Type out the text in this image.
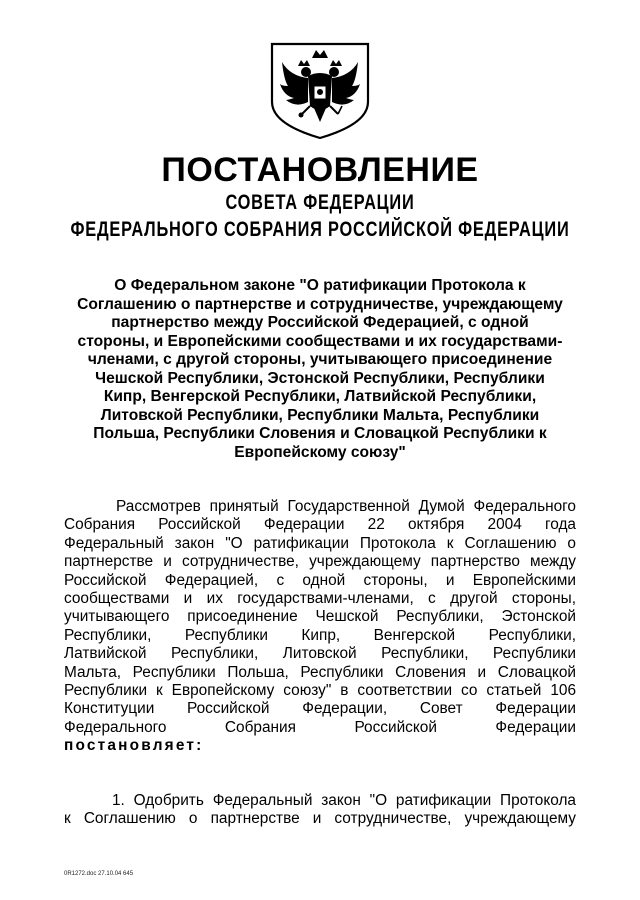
ПОСТАНОВЛЕНИЕ
СОВЕТА ФЕДЕРАЦИИ
ФЕДЕРАЛЬНОГО СОБРАНИЯ РОССИЙСКОЙ ФЕДЕРАЦИИ
О Федеральном законе "О ратификации Протокола к
Соглашению о партнерстве и сотрудничестве, учреждающему
партнерство между Российской Федерацией, с одной
стороны, и Европейскими сообществами и их государствами-
членами, с другой стороны, учитывающего присоединение
Чешской Республики, Эстонской Республики, Республики
Кипр, Венгерской Республики, Латвийской Республики,
Литовской Республики, Республики Мальта, Республики
Польша, Республики Словения и Словацкой Республики к
Европейскому союзу"
Рассмотрев принятый Государственной Думой Федерального
Собрания Российской Федерации 22 октября 2004 года
Федеральный закон "О ратификации Протокола к Соглашению о
партнерстве и сотрудничестве, учреждающему партнерство между
Российской Федерацией, с одной стороны, и Европейскими
сообществами и их государствами-членами, с другой стороны,
учитывающего присоединение Чешской Республики, Эстонской
Республики, Республики Кипр, Венгерской Республики,
Латвийской Республики, Литовской Республики, Республики
Мальта, Республики Польша, Республики Словения и Словацкой
Республики к Европейскому союзу" в соответствии со статьей 106
Конституции Российской Федерации, Совет Федерации
Федерального Собрания Российской Федерации
постановляет:
1. Одобрить Федеральный закон "О ратификации Протокола
к Соглашению о партнерстве и сотрудничестве, учреждающему
0R1272.doc 27.10.04 645
